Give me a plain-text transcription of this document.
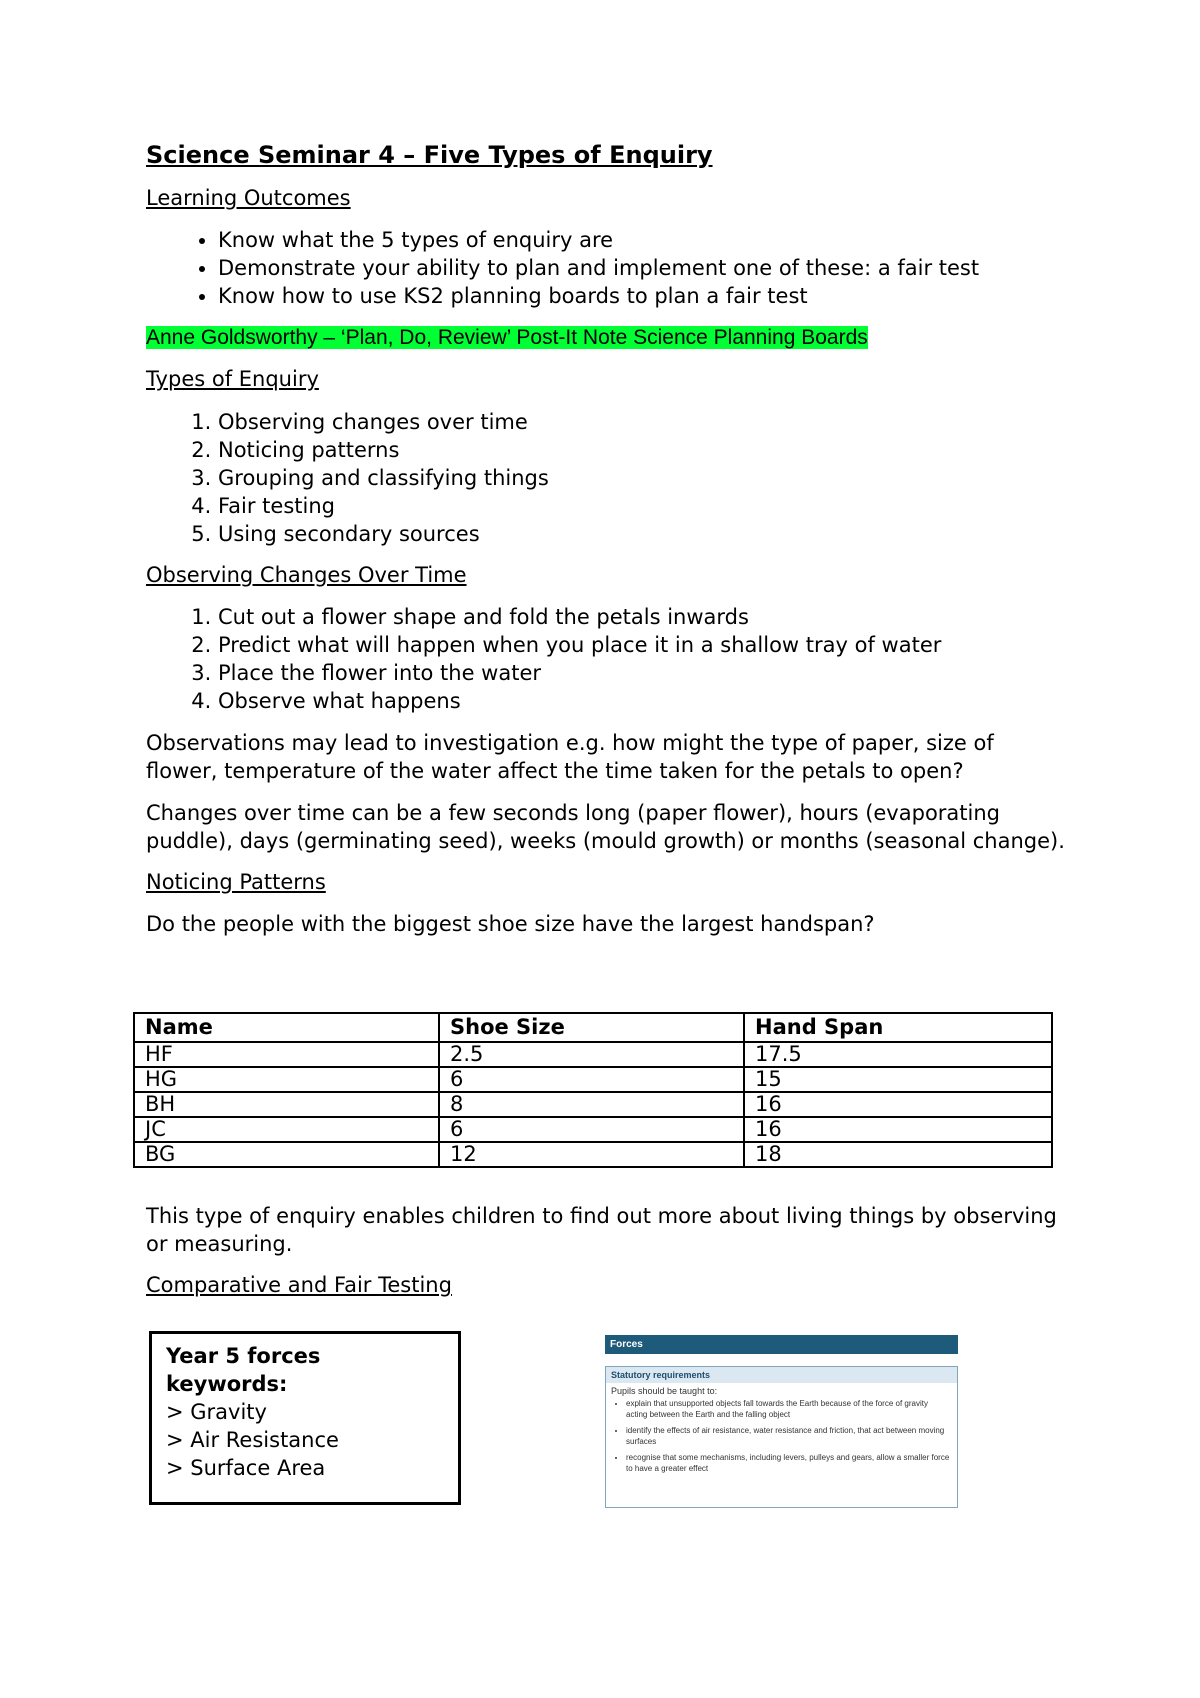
Science Seminar 4 – Five Types of Enquiry
Learning Outcomes
• Know what the 5 types of enquiry are
• Demonstrate your ability to plan and implement one of these: a fair test
• Know how to use KS2 planning boards to plan a fair test
Anne Goldsworthy – ‘Plan, Do, Review’ Post-It Note Science Planning Boards
Types of Enquiry
1. Observing changes over time
2. Noticing patterns
3. Grouping and classifying things
4. Fair testing
5. Using secondary sources
Observing Changes Over Time
1. Cut out a flower shape and fold the petals inwards
2. Predict what will happen when you place it in a shallow tray of water
3. Place the flower into the water
4. Observe what happens

Observations may lead to investigation e.g. how might the type of paper, size of flower, temperature of the water affect the time taken for the petals to open?

Changes over time can be a few seconds long (paper flower), hours (evaporating puddle), days (germinating seed), weeks (mould growth) or months (seasonal change).

Noticing Patterns

Do the people with the biggest shoe size have the largest handspan?

Name	Shoe Size	Hand Span
HF	2.5	17.5
HG	6	15
BH	8	16
JC	6	16
BG	12	18

This type of enquiry enables children to find out more about living things by observing or measuring.

Comparative and Fair Testing
Year 5 forces
keywords:
> Gravity
> Air Resistance
> Surface Area
Forces
Statutory requirements
Pupils should be taught to:
• explain that unsupported objects fall towards the Earth because of the force of gravity acting between the Earth and the falling object
• identify the effects of air resistance, water resistance and friction, that act between moving surfaces
• recognise that some mechanisms, including levers, pulleys and gears, allow a smaller force to have a greater effect
